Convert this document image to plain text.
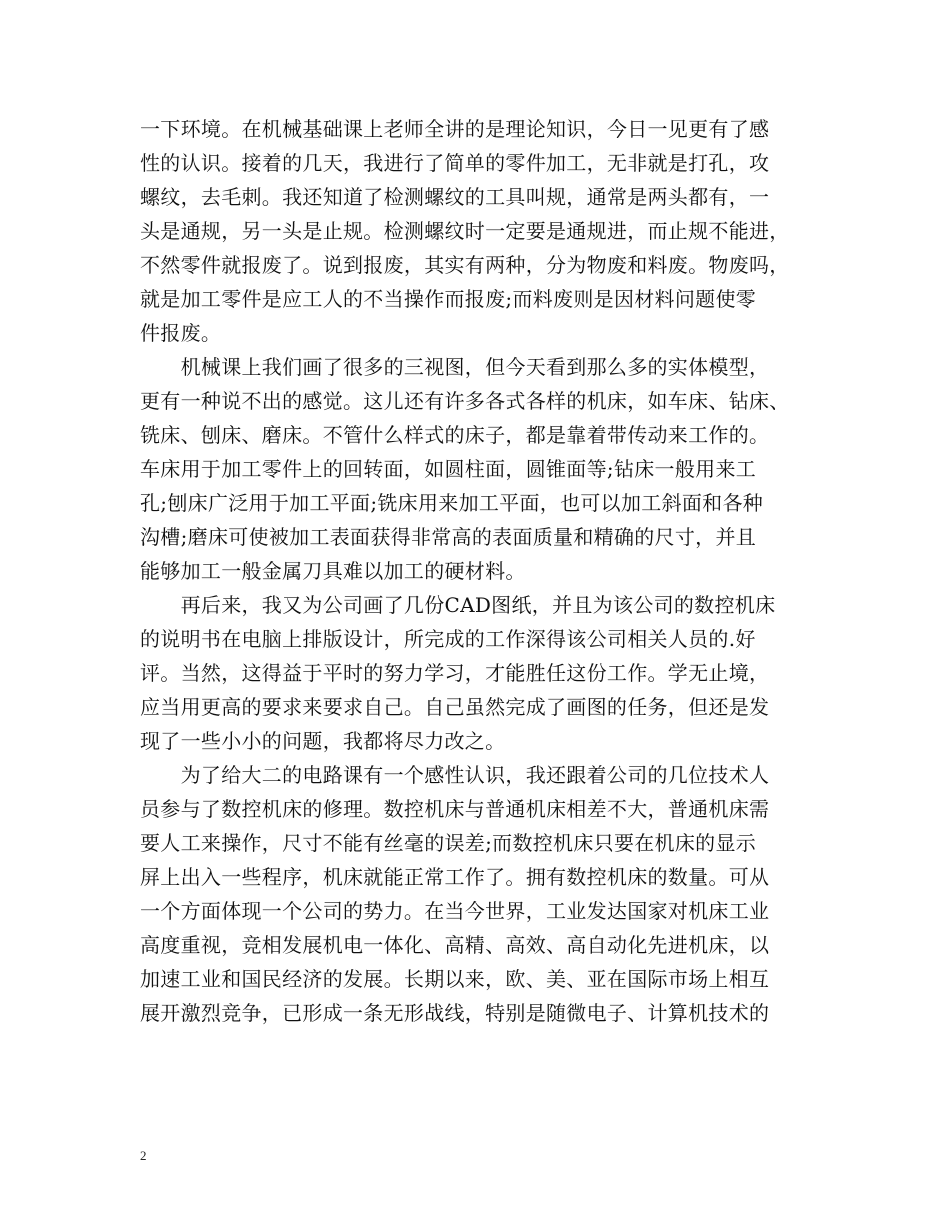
一下环境。在机械基础课上老师全讲的是理论知识，今日一见更有了感
性的认识。接着的几天，我进行了简单的零件加工，无非就是打孔，攻
螺纹，去毛刺。我还知道了检测螺纹的工具叫规，通常是两头都有，一
头是通规，另一头是止规。检测螺纹时一定要是通规进，而止规不能进，
不然零件就报废了。说到报废，其实有两种，分为物废和料废。物废吗，
就是加工零件是应工人的不当操作而报废;而料废则是因材料问题使零
件报废。
　　机械课上我们画了很多的三视图，但今天看到那么多的实体模型，
更有一种说不出的感觉。这儿还有许多各式各样的机床，如车床、钻床、
铣床、刨床、磨床。不管什么样式的床子，都是靠着带传动来工作的。
车床用于加工零件上的回转面，如圆柱面，圆锥面等;钻床一般用来工
孔;刨床广泛用于加工平面;铣床用来加工平面，也可以加工斜面和各种
沟槽;磨床可使被加工表面获得非常高的表面质量和精确的尺寸，并且
能够加工一般金属刀具难以加工的硬材料。
　　再后来，我又为公司画了几份CAD图纸，并且为该公司的数控机床
的说明书在电脑上排版设计，所完成的工作深得该公司相关人员的.好
评。当然，这得益于平时的努力学习，才能胜任这份工作。学无止境，
应当用更高的要求来要求自己。自己虽然完成了画图的任务，但还是发
现了一些小小的问题，我都将尽力改之。
　　为了给大二的电路课有一个感性认识，我还跟着公司的几位技术人
员参与了数控机床的修理。数控机床与普通机床相差不大，普通机床需
要人工来操作，尺寸不能有丝毫的误差;而数控机床只要在机床的显示
屏上出入一些程序，机床就能正常工作了。拥有数控机床的数量。可从
一个方面体现一个公司的势力。在当今世界，工业发达国家对机床工业
高度重视，竞相发展机电一体化、高精、高效、高自动化先进机床，以
加速工业和国民经济的发展。长期以来，欧、美、亚在国际市场上相互
展开激烈竞争，已形成一条无形战线，特别是随微电子、计算机技术的
2
